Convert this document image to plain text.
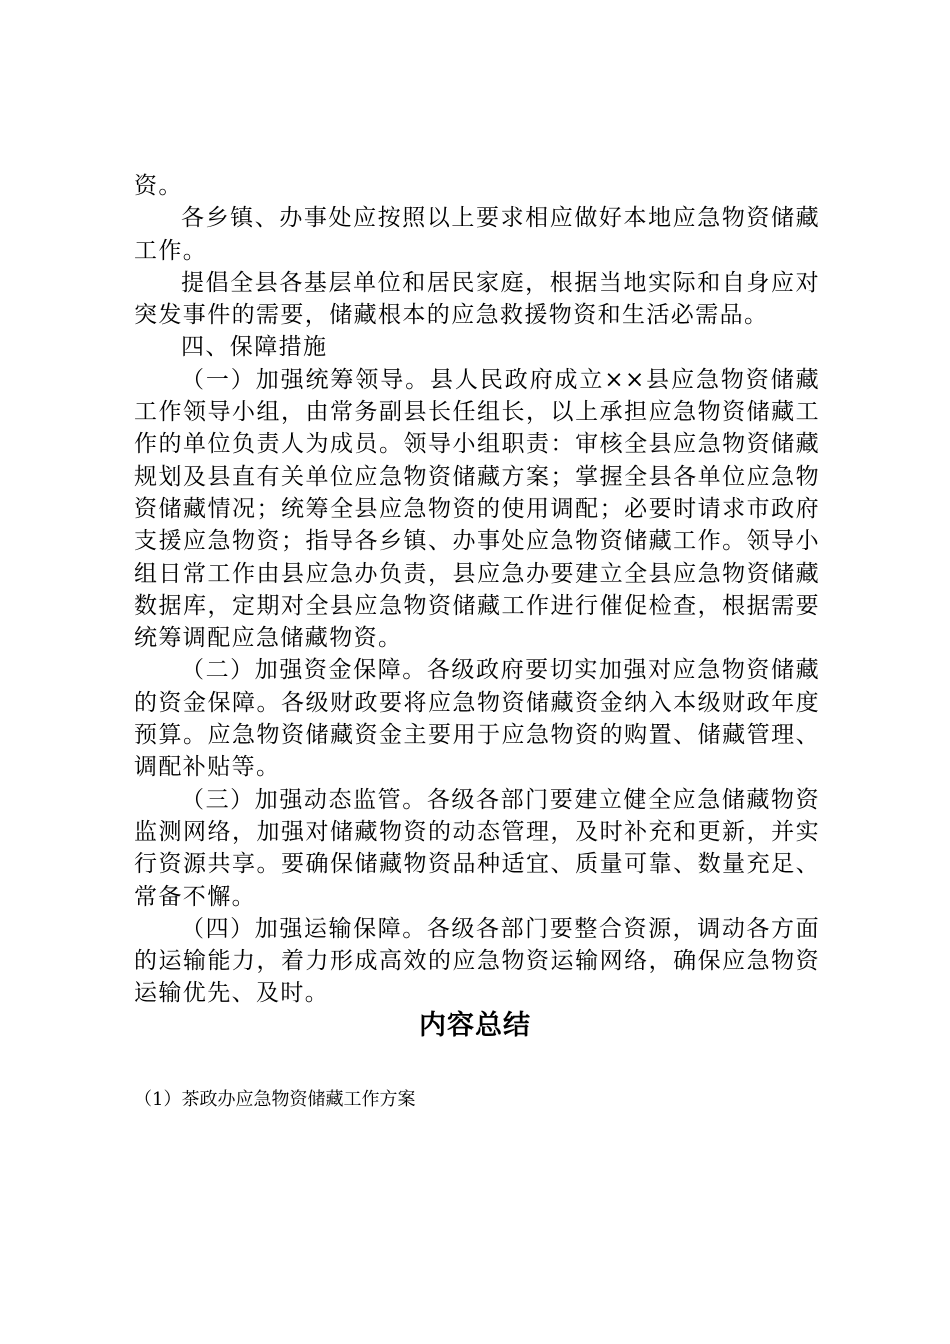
资。

各乡镇、办事处应按照以上要求相应做好本地应急物资储藏工作。

提倡全县各基层单位和居民家庭，根据当地实际和自身应对突发事件的需要，储藏根本的应急救援物资和生活必需品。

四、保障措施

（一）加强统筹领导。县人民政府成立××县应急物资储藏工作领导小组，由常务副县长任组长，以上承担应急物资储藏工作的单位负责人为成员。领导小组职责：审核全县应急物资储藏规划及县直有关单位应急物资储藏方案；掌握全县各单位应急物资储藏情况；统筹全县应急物资的使用调配；必要时请求市政府支援应急物资；指导各乡镇、办事处应急物资储藏工作。领导小组日常工作由县应急办负责，县应急办要建立全县应急物资储藏数据库，定期对全县应急物资储藏工作进行催促检查，根据需要统筹调配应急储藏物资。

（二）加强资金保障。各级政府要切实加强对应急物资储藏的资金保障。各级财政要将应急物资储藏资金纳入本级财政年度预算。应急物资储藏资金主要用于应急物资的购置、储藏管理、调配补贴等。

（三）加强动态监管。各级各部门要建立健全应急储藏物资监测网络，加强对储藏物资的动态管理，及时补充和更新，并实行资源共享。要确保储藏物资品种适宜、质量可靠、数量充足、常备不懈。

（四）加强运输保障。各级各部门要整合资源，调动各方面的运输能力，着力形成高效的应急物资运输网络，确保应急物资运输优先、及时。

内容总结

（1）茶政办应急物资储藏工作方案
